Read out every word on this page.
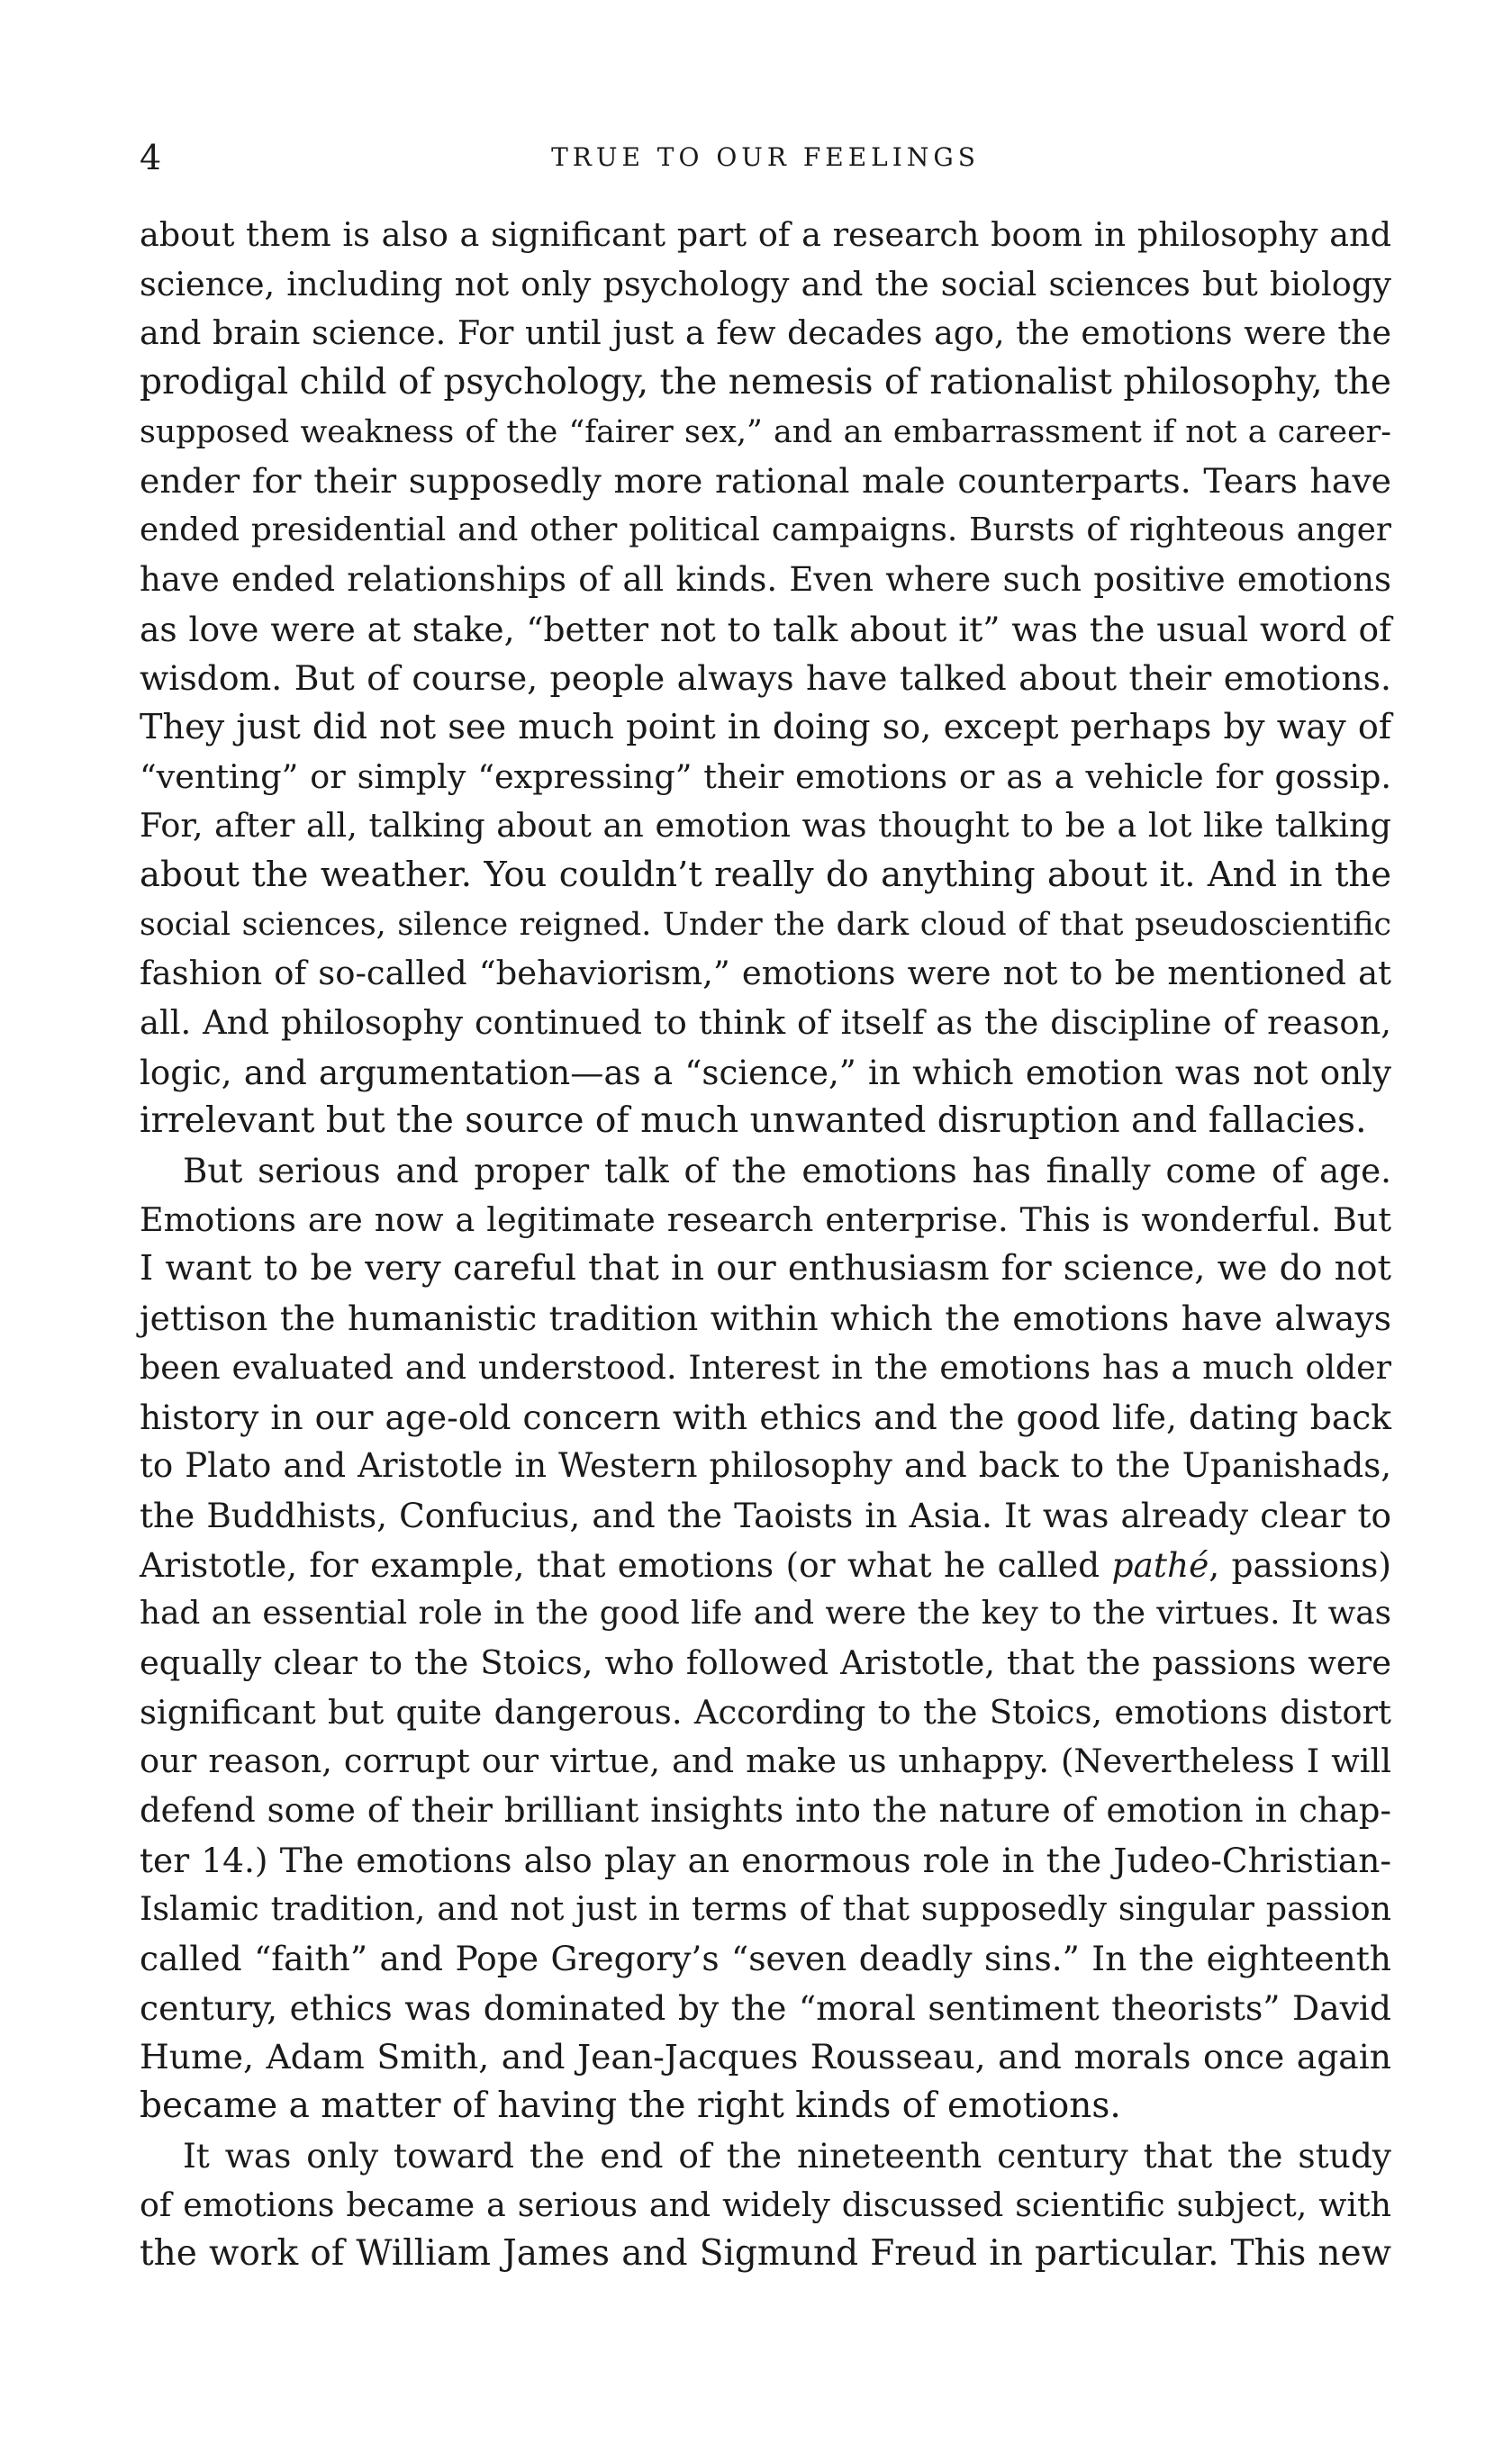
4	TRUE TO OUR FEELINGS
about them is also a significant part of a research boom in philosophy and
science, including not only psychology and the social sciences but biology
and brain science. For until just a few decades ago, the emotions were the
prodigal child of psychology, the nemesis of rationalist philosophy, the
supposed weakness of the “fairer sex,” and an embarrassment if not a career-
ender for their supposedly more rational male counterparts. Tears have
ended presidential and other political campaigns. Bursts of righteous anger
have ended relationships of all kinds. Even where such positive emotions
as love were at stake, “better not to talk about it” was the usual word of
wisdom. But of course, people always have talked about their emotions.
They just did not see much point in doing so, except perhaps by way of
“venting” or simply “expressing” their emotions or as a vehicle for gossip.
For, after all, talking about an emotion was thought to be a lot like talking
about the weather. You couldn’t really do anything about it. And in the
social sciences, silence reigned. Under the dark cloud of that pseudoscientific
fashion of so-called “behaviorism,” emotions were not to be mentioned at
all. And philosophy continued to think of itself as the discipline of reason,
logic, and argumentation—as a “science,” in which emotion was not only
irrelevant but the source of much unwanted disruption and fallacies.
But serious and proper talk of the emotions has finally come of age.
Emotions are now a legitimate research enterprise. This is wonderful. But
I want to be very careful that in our enthusiasm for science, we do not
jettison the humanistic tradition within which the emotions have always
been evaluated and understood. Interest in the emotions has a much older
history in our age-old concern with ethics and the good life, dating back
to Plato and Aristotle in Western philosophy and back to the Upanishads,
the Buddhists, Confucius, and the Taoists in Asia. It was already clear to
Aristotle, for example, that emotions (or what he called pathé, passions)
had an essential role in the good life and were the key to the virtues. It was
equally clear to the Stoics, who followed Aristotle, that the passions were
significant but quite dangerous. According to the Stoics, emotions distort
our reason, corrupt our virtue, and make us unhappy. (Nevertheless I will
defend some of their brilliant insights into the nature of emotion in chap-
ter 14.) The emotions also play an enormous role in the Judeo-Christian-
Islamic tradition, and not just in terms of that supposedly singular passion
called “faith” and Pope Gregory’s “seven deadly sins.” In the eighteenth
century, ethics was dominated by the “moral sentiment theorists” David
Hume, Adam Smith, and Jean-Jacques Rousseau, and morals once again
became a matter of having the right kinds of emotions.
It was only toward the end of the nineteenth century that the study
of emotions became a serious and widely discussed scientific subject, with
the work of William James and Sigmund Freud in particular. This new
